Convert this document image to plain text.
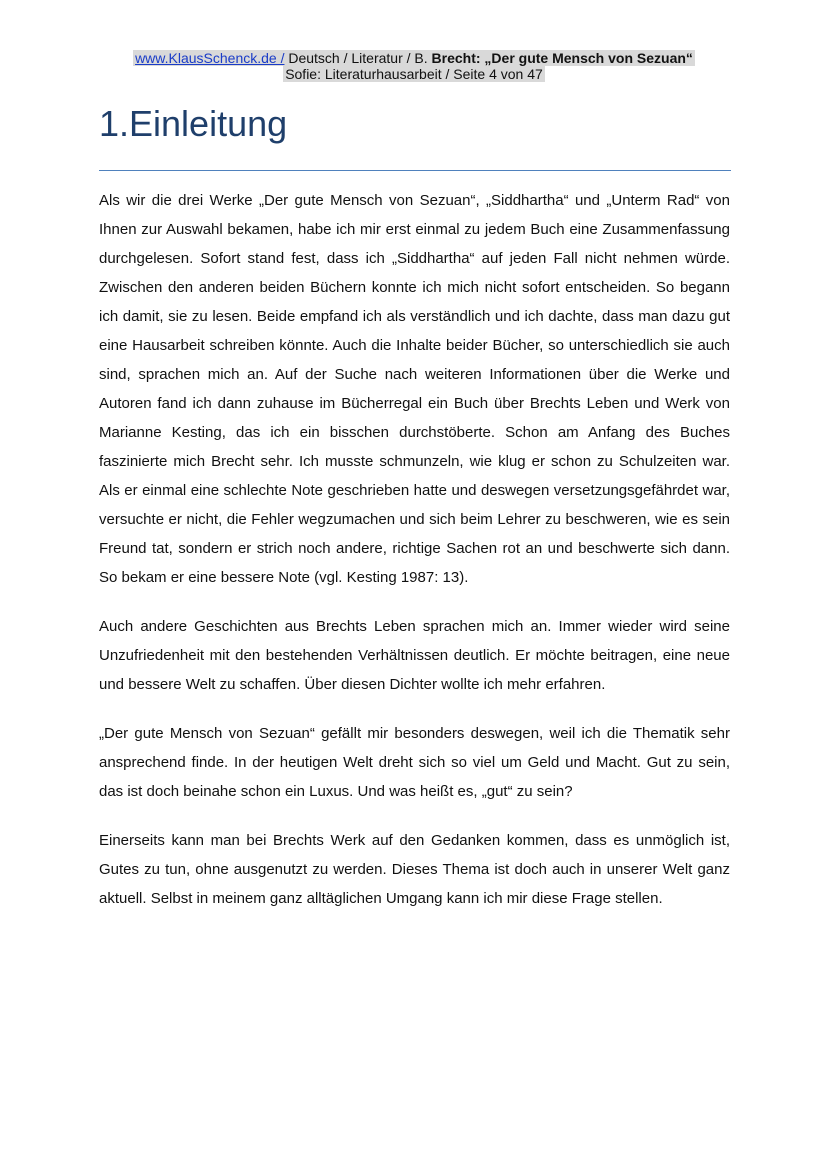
www.KlausSchenck.de / Deutsch / Literatur / B. Brecht: „Der gute Mensch von Sezuan“
Sofie: Literaturhausarbeit / Seite 4 von 47
1.Einleitung

Als wir die drei Werke „Der gute Mensch von Sezuan“, „Siddhartha“ und „Unterm Rad“ von Ihnen zur Auswahl bekamen, habe ich mir erst einmal zu jedem Buch eine Zusammenfassung durchgelesen. Sofort stand fest, dass ich „Siddhartha“ auf jeden Fall nicht nehmen würde. Zwischen den anderen beiden Büchern konnte ich mich nicht sofort entscheiden. So begann ich damit, sie zu lesen. Beide empfand ich als verständlich und ich dachte, dass man dazu gut eine Hausarbeit schreiben könnte. Auch die Inhalte beider Bücher, so unterschiedlich sie auch sind, sprachen mich an. Auf der Suche nach weiteren Informationen über die Werke und Autoren fand ich dann zuhause im Bücherregal ein Buch über Brechts Leben und Werk von Marianne Kesting, das ich ein bisschen durchstöberte. Schon am Anfang des Buches faszinierte mich Brecht sehr. Ich musste schmunzeln, wie klug er schon zu Schulzeiten war. Als er einmal eine schlechte Note geschrieben hatte und deswegen versetzungsgefährdet war, versuchte er nicht, die Fehler wegzumachen und sich beim Lehrer zu beschweren, wie es sein Freund tat, sondern er strich noch andere, richtige Sachen rot an und beschwerte sich dann. So bekam er eine bessere Note (vgl. Kesting 1987: 13).

Auch andere Geschichten aus Brechts Leben sprachen mich an. Immer wieder wird seine Unzufriedenheit mit den bestehenden Verhältnissen deutlich. Er möchte beitragen, eine neue und bessere Welt zu schaffen. Über diesen Dichter wollte ich mehr erfahren.

„Der gute Mensch von Sezuan“ gefällt mir besonders deswegen, weil ich die Thematik sehr ansprechend finde. In der heutigen Welt dreht sich so viel um Geld und Macht. Gut zu sein, das ist doch beinahe schon ein Luxus. Und was heißt es, „gut“ zu sein?

Einerseits kann man bei Brechts Werk auf den Gedanken kommen, dass es unmöglich ist, Gutes zu tun, ohne ausgenutzt zu werden. Dieses Thema ist doch auch in unserer Welt ganz aktuell. Selbst in meinem ganz alltäglichen Umgang kann ich mir diese Frage stellen.
